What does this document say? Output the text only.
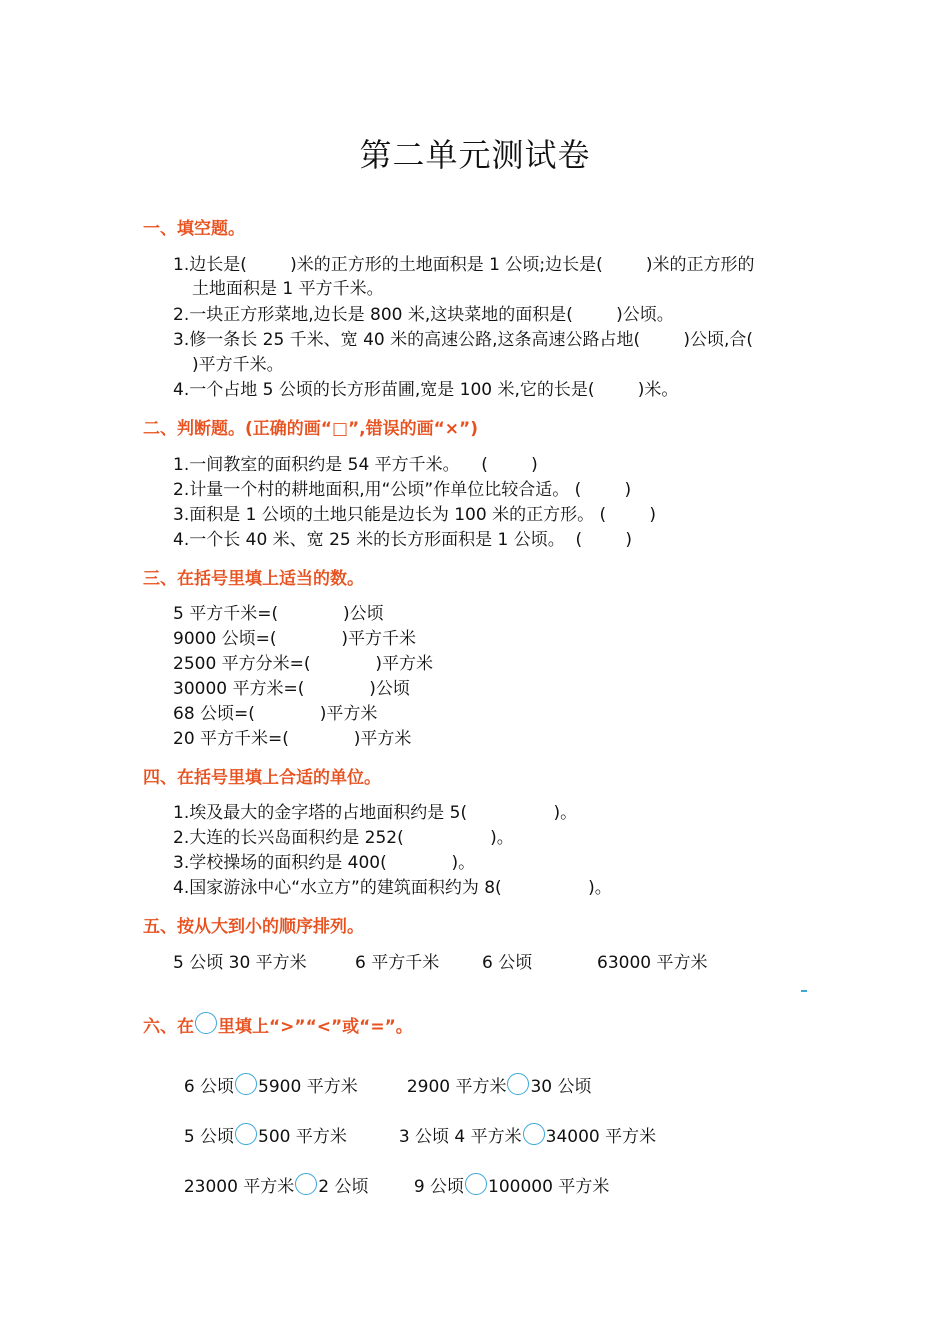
第二单元测试卷
一、填空题。
1.边长是(        )米的正方形的土地面积是 1 公顷;边长是(        )米的正方形的
土地面积是 1 平方千米。
2.一块正方形菜地,边长是 800 米,这块菜地的面积是(        )公顷。
3.修一条长 25 千米、宽 40 米的高速公路,这条高速公路占地(        )公顷,合(
)平方千米。
4.一个占地 5 公顷的长方形苗圃,宽是 100 米,它的长是(        )米。
二、判断题。(正确的画“□”,错误的画“×”)
1.一间教室的面积约是 54 平方千米。    (        )
2.计量一个村的耕地面积,用“公顷”作单位比较合适。 (        )
3.面积是 1 公顷的土地只能是边长为 100 米的正方形。 (        )
4.一个长 40 米、宽 25 米的长方形面积是 1 公顷。  (        )
三、在括号里填上适当的数。
5 平方千米=(            )公顷
9000 公顷=(            )平方千米
2500 平方分米=(            )平方米
30000 平方米=(            )公顷
68 公顷=(            )平方米
20 平方千米=(            )平方米
四、在括号里填上合适的单位。
1.埃及最大的金字塔的占地面积约是 5(                )。
2.大连的长兴岛面积约是 252(                )。
3.学校操场的面积约是 400(            )。
4.国家游泳中心“水立方”的建筑面积约为 8(                )。
五、按从大到小的顺序排列。
5 公顷 30 平方米	6 平方千米	6 公顷	63000 平方米
六、在 里填上“>”“<”或“=”。

6 公顷 5900 平方米	2900 平方米 30 公顷

5 公顷 500 平方米	3 公顷 4 平方米 34000 平方米

23000 平方米 2 公顷	9 公顷 100000 平方米
